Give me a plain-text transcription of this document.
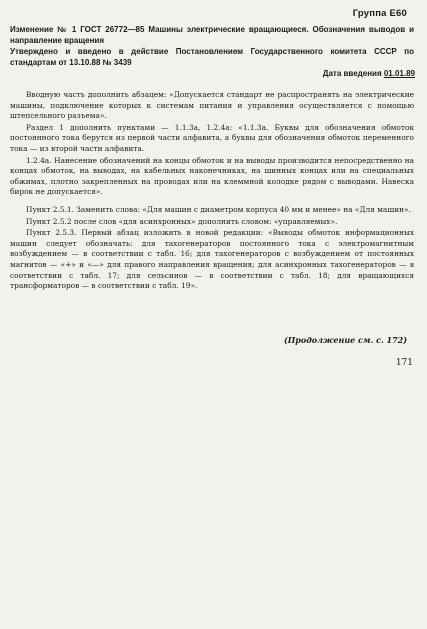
Группа Е60
Изменение № 1 ГОСТ 26772—85 Машины электрические вращающиеся. Обозначения выводов и направление вращения
Утверждено и введено в действие Постановлением Государственного комитета СССР по стандартам от 13.10.88 № 3439
Дата введения 01.01.89

Вводную часть дополнить абзацем: «Допускается стандарт не распространять на электрические машины, подключение которых к системам питания и управления осуществляется с помощью штепсельного разъема».

Раздел 1 дополнить пунктами — 1.1.3а, 1.2.4а: «1.1.3а. Буквы для обозначения обмоток постоянного тока берутся из первой части алфавита, а буквы для обозначения обмоток переменного тока — из второй части алфавита.

1.2.4а. Нанесение обозначений на концы обмоток и на выводы производится непосредственно на концах обмоток, на выводах, на кабельных наконечниках, на шинных концах или на специальных обжимах, плотно закрепленных на проводах или на клеммной колодке рядом с выводами. Навеска бирок не допускается».

Пункт 2.5.1. Заменить слова: «Для машин с диаметром корпуса 40 мм и менее» на «Для машин».

Пункт 2.5.2 после слов «для асинхронных» дополнить словом: «управляемых».

Пункт 2.5.3. Первый абзац изложить в новой редакции: «Выводы обмоток информационных машин следует обозначать: для тахогенераторов постоянного тока с электромагнитным возбуждением — в соответствии с табл. 16; для тахогенераторов с возбуждением от постоянных магнитов — «+» и «—» для правого направления вращения; для асинхронных тахогенераторов — в соответствии с табл. 17; для сельсинов — в соответствии с табл. 18; для вращающихся трансформаторов — в соответствии с табл. 19».

(Продолжение см. с. 172)
171
